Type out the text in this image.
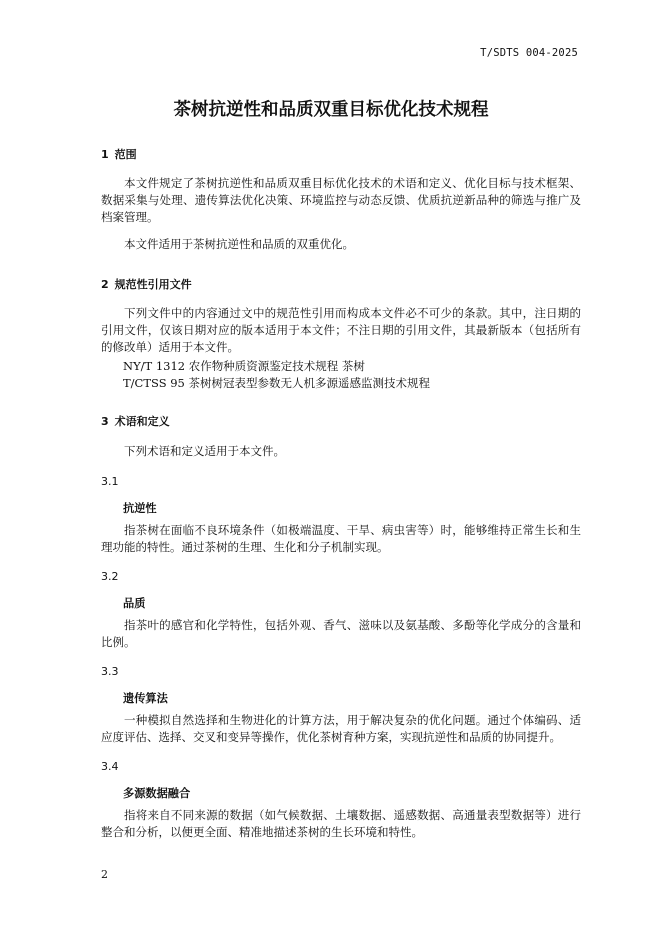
T/SDTS 004-2025
茶树抗逆性和品质双重目标优化技术规程
1 范围

本文件规定了茶树抗逆性和品质双重目标优化技术的术语和定义、优化目标与技术框架、数据采集与处理、遗传算法优化决策、环境监控与动态反馈、优质抗逆新品种的筛选与推广及档案管理。

本文件适用于茶树抗逆性和品质的双重优化。

2 规范性引用文件

下列文件中的内容通过文中的规范性引用而构成本文件必不可少的条款。其中，注日期的引用文件，仅该日期对应的版本适用于本文件；不注日期的引用文件，其最新版本（包括所有的修改单）适用于本文件。

NY/T 1312 农作物种质资源鉴定技术规程 茶树
T/CTSS 95 茶树树冠表型参数无人机多源遥感监测技术规程
3 术语和定义

下列术语和定义适用于本文件。

3.1
抗逆性

指茶树在面临不良环境条件（如极端温度、干旱、病虫害等）时，能够维持正常生长和生理功能的特性。通过茶树的生理、生化和分子机制实现。

3.2
品质

指茶叶的感官和化学特性，包括外观、香气、滋味以及氨基酸、多酚等化学成分的含量和比例。

3.3
遗传算法

一种模拟自然选择和生物进化的计算方法，用于解决复杂的优化问题。通过个体编码、适应度评估、选择、交叉和变异等操作，优化茶树育种方案，实现抗逆性和品质的协同提升。

3.4
多源数据融合

指将来自不同来源的数据（如气候数据、土壤数据、遥感数据、高通量表型数据等）进行整合和分析，以便更全面、精准地描述茶树的生长环境和特性。

2
